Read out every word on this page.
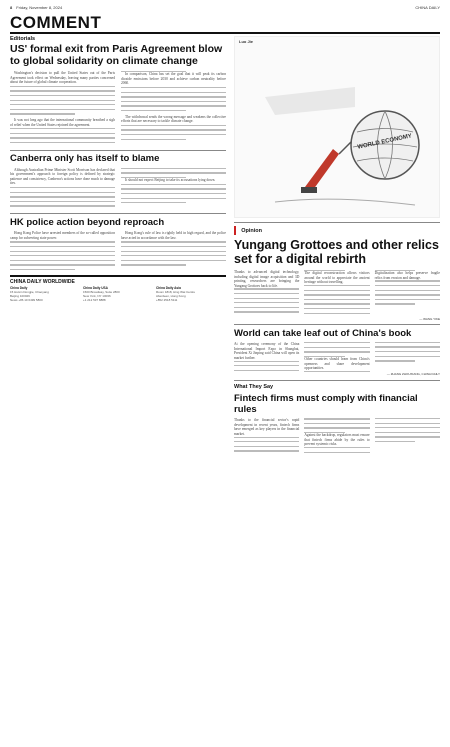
8 Friday, November 8, 2024	CHINA DAILY
COMMENT
Editorials
US' formal exit from Paris Agreement blow to global solidarity on climate change

Washington's decision to pull the United States out of the Paris Agreement took effect on Wednesday, leaving many parties concerned about the future of global climate cooperation.

It was not long ago that the international community breathed a sigh of relief when the United States rejoined the agreement.

In comparison, China has set the goal that it will peak its carbon dioxide emissions before 2030 and achieve carbon neutrality before 2060.

The withdrawal sends the wrong message and weakens the collective efforts that are necessary to tackle climate change.

Canberra only has itself to blame

Although Australian Prime Minister Scott Morrison has declared that his government's approach to foreign policy is defined by strategic patience and consistency, Canberra's actions have done much to damage ties.

It should not expect Beijing to take its accusations lying down.

HK police action beyond reproach

Hong Kong Police have arrested members of the so-called opposition camp for subverting state power.

Hong Kong's rule of law is rightly held in high regard, and the police have acted in accordance with the law.

CHINA DAILY WORLDWIDE
China Daily
15 Huixin Dongjie, Chaoyang
Beijing 100029
News +86 10 6499 5800
China Daily USA
1500 Broadway, Suite 2800
New York, NY 10036
+1 212 537 8888
China Daily Asia
Room 1818, Hing Wai Centre
Aberdeen, Hong Kong
+852 2518 5111
Luo Jie
WORLD ECONOMY
Opinion
Yungang Grottoes and other relics set for a digital rebirth

Thanks to advanced digital technology, including digital image acquisition and 3D printing, researchers are bringing the Yungang Grottoes back to life.

The digital reconstruction allows visitors around the world to appreciate the ancient heritage without travelling.

Digitalization also helps preserve fragile relics from erosion and damage.

— WANG YIKE
World can take leaf out of China's book

At the opening ceremony of the China International Import Expo in Shanghai, President Xi Jinping said China will open its market further.	Other countries should learn from China's openness and share development opportunities.

— ZHANG ZHOUXIANG, CHINA DAILY
What They Say
Fintech firms must comply with financial rules

Thanks to the financial sector's rapid development in recent years, fintech firms have emerged as key players in the financial market.	Against the backdrop, regulators must ensure that fintech firms abide by the rules to prevent systemic risks.
